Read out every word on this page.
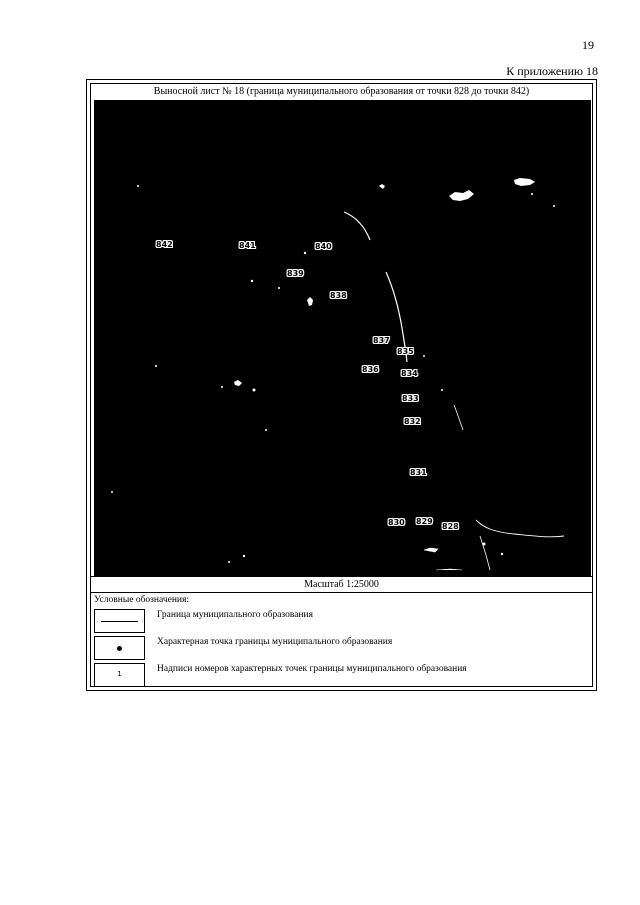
19
К приложению 18
Выносной лист № 18 (граница муниципального образования от точки 828 до точки 842)
842	841	840
839
838
837
835
836	834
833
832
831
830 829
828
Масштаб 1:25000
Условные обозначения:
Граница муниципального образования
Характерная точка границы муниципального образования
1	Надписи номеров характерных точек границы муниципального образования
